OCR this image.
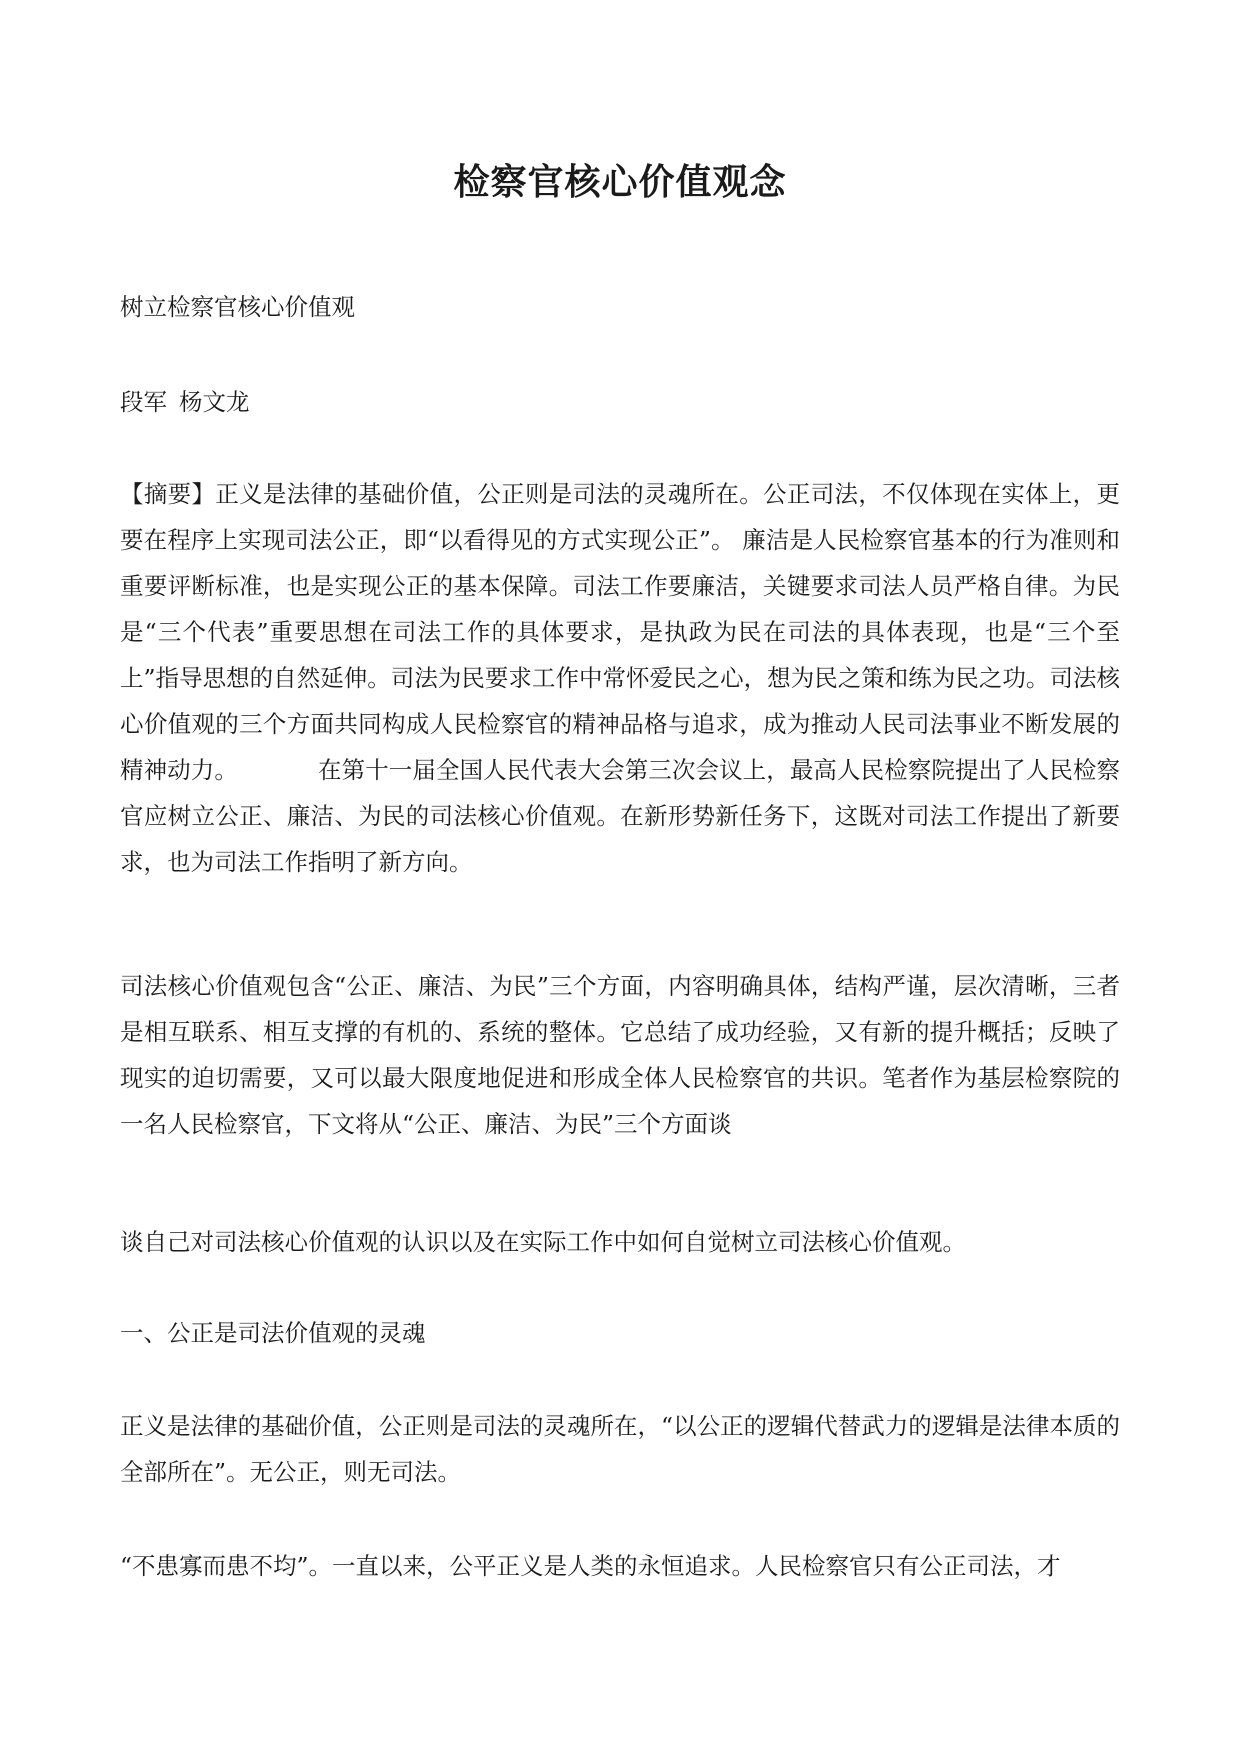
检察官核心价值观念

树立检察官核心价值观

段军 杨文龙

【摘要】正义是法律的基础价值，公正则是司法的灵魂所在。公正司法，不仅体现在实体上，更要在程序上实现司法公正，即“以看得见的方式实现公正”。 廉洁是人民检察官基本的行为准则和重要评断标准，也是实现公正的基本保障。司法工作要廉洁，关键要求司法人员严格自律。为民是“三个代表”重要思想在司法工作的具体要求，是执政为民在司法的具体表现，也是“三个至上”指导思想的自然延伸。司法为民要求工作中常怀爱民之心，想为民之策和练为民之功。司法核心价值观的三个方面共同构成人民检察官的精神品格与追求，成为推动人民司法事业不断发展的精神动力。	在第十一届全国人民代表大会第三次会议上，最高人民检察院提出了人民检察官应树立公正、廉洁、为民的司法核心价值观。在新形势新任务下，这既对司法工作提出了新要求，也为司法工作指明了新方向。

司法核心价值观包含“公正、廉洁、为民”三个方面，内容明确具体，结构严谨，层次清晰，三者是相互联系、相互支撑的有机的、系统的整体。它总结了成功经验，又有新的提升概括；反映了现实的迫切需要，又可以最大限度地促进和形成全体人民检察官的共识。笔者作为基层检察院的一名人民检察官，下文将从“公正、廉洁、为民”三个方面谈

谈自己对司法核心价值观的认识以及在实际工作中如何自觉树立司法核心价值观。

一、公正是司法价值观的灵魂

正义是法律的基础价值，公正则是司法的灵魂所在，“以公正的逻辑代替武力的逻辑是法律本质的全部所在”。无公正，则无司法。

“不患寡而患不均”。一直以来，公平正义是人类的永恒追求。人民检察官只有公正司法，才
